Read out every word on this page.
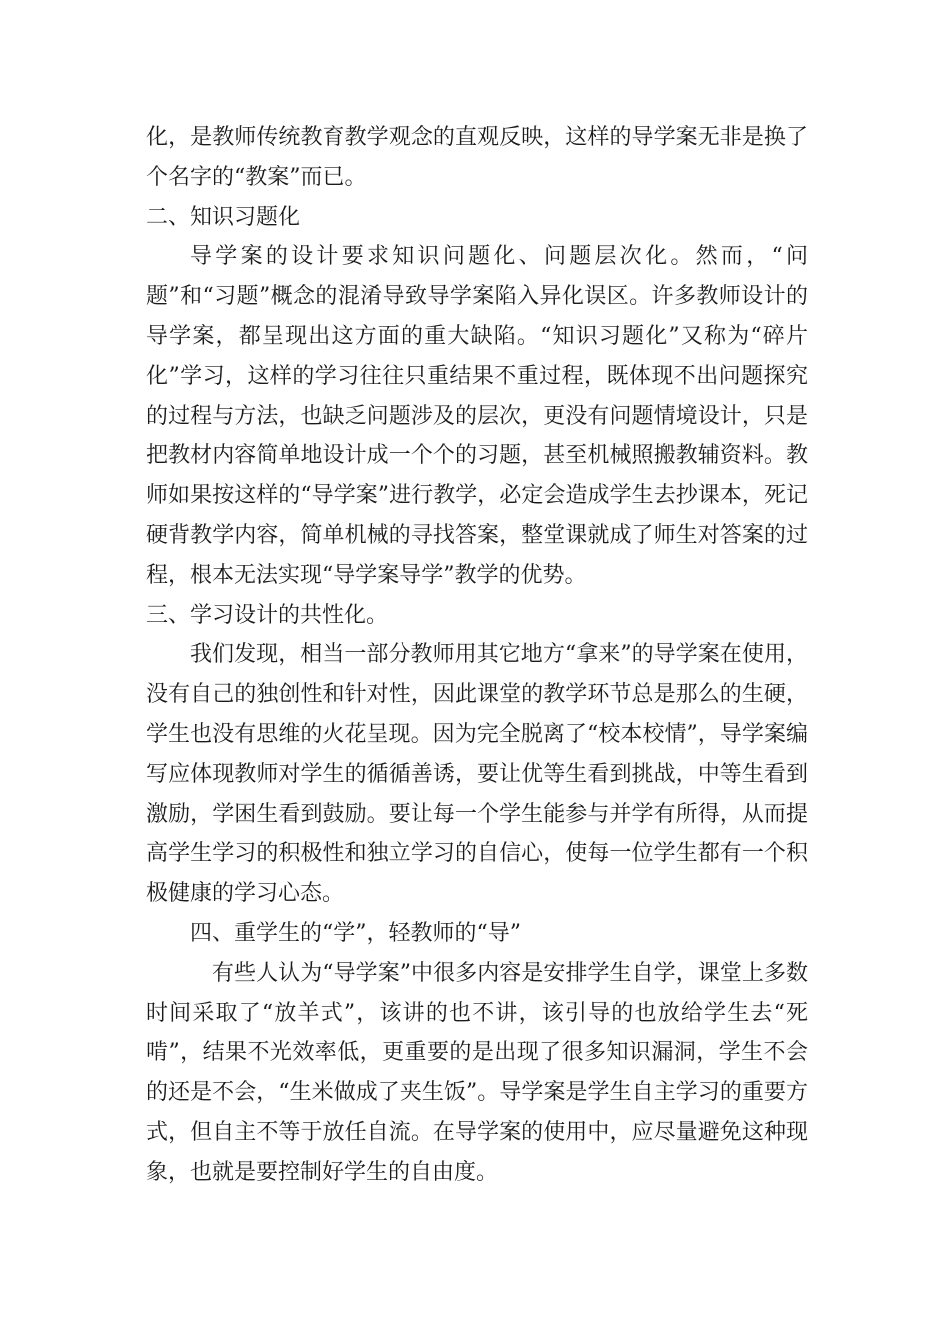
化，是教师传统教育教学观念的直观反映，这样的导学案无非是换了个名字的“教案”而已。

二、知识习题化

导学案的设计要求知识问题化、问题层次化。然而，“问题”和“习题”概念的混淆导致导学案陷入异化误区。许多教师设计的导学案，都呈现出这方面的重大缺陷。“知识习题化”又称为“碎片化”学习，这样的学习往往只重结果不重过程，既体现不出问题探究的过程与方法，也缺乏问题涉及的层次，更没有问题情境设计，只是把教材内容简单地设计成一个个的习题，甚至机械照搬教辅资料。教师如果按这样的“导学案”进行教学，必定会造成学生去抄课本，死记硬背教学内容，简单机械的寻找答案，整堂课就成了师生对答案的过程，根本无法实现“导学案导学”教学的优势。

三、学习设计的共性化。

我们发现，相当一部分教师用其它地方“拿来”的导学案在使用，没有自己的独创性和针对性，因此课堂的教学环节总是那么的生硬，学生也没有思维的火花呈现。因为完全脱离了“校本校情”，导学案编写应体现教师对学生的循循善诱，要让优等生看到挑战，中等生看到激励，学困生看到鼓励。要让每一个学生能参与并学有所得，从而提高学生学习的积极性和独立学习的自信心，使每一位学生都有一个积极健康的学习心态。

四、重学生的“学”，轻教师的“导”

有些人认为“导学案”中很多内容是安排学生自学，课堂上多数时间采取了“放羊式”，该讲的也不讲，该引导的也放给学生去“死啃”，结果不光效率低，更重要的是出现了很多知识漏洞，学生不会的还是不会，“生米做成了夹生饭”。导学案是学生自主学习的重要方式，但自主不等于放任自流。在导学案的使用中，应尽量避免这种现象，也就是要控制好学生的自由度。
